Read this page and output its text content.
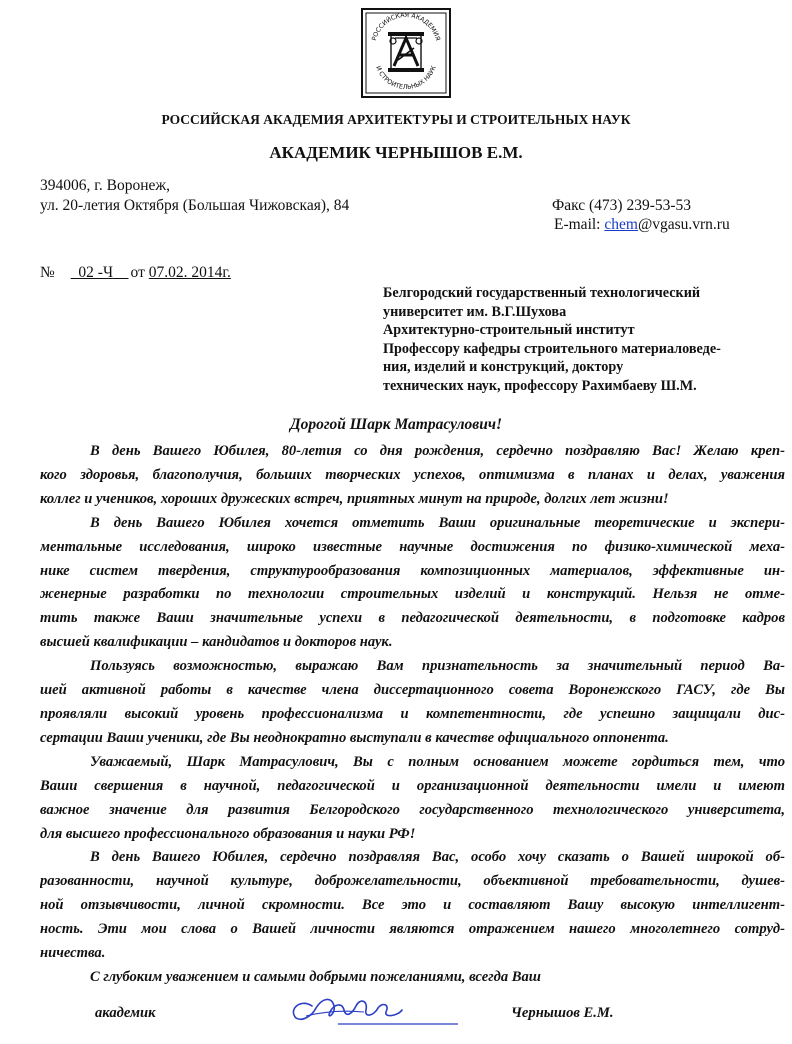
РОССИЙСКАЯ АКАДЕМИЯ
И СТРОИТЕЛЬНЫХ НАУК
РОССИЙСКАЯ АКАДЕМИЯ АРХИТЕКТУРЫ И СТРОИТЕЛЬНЫХ НАУК
АКАДЕМИК ЧЕРНЫШОВ Е.М.
394006, г. Воронеж,
ул. 20-летия Октября (Большая Чижовская), 84	Факс (473) 239-53-53
E-mail: chem@vgasu.vrn.ru
№ 02 -Ч от 07.02. 2014г.
Белгородский государственный технологический
университет им. В.Г.Шухова
Архитектурно-строительный институт
Профессору кафедры строительного материаловеде-
ния, изделий и конструкций, доктору
технических наук, профессору Рахимбаеву Ш.М.
Дорогой Шарк Матрасулович!
В день Вашего Юбилея, 80-летия со дня рождения, сердечно поздравляю Вас! Желаю креп-
кого здоровья, благополучия, больших творческих успехов, оптимизма в планах и делах, уважения
коллег и учеников, хороших дружеских встреч, приятных минут на природе, долгих лет жизни!
В день Вашего Юбилея хочется отметить Ваши оригинальные теоретические и экспери-
ментальные исследования, широко известные научные достижения по физико-химической меха-
нике систем твердения, структурообразования композиционных материалов, эффективные ин-
женерные разработки по технологии строительных изделий и конструкций. Нельзя не отме-
тить также Ваши значительные успехи в педагогической деятельности, в подготовке кадров
высшей квалификации – кандидатов и докторов наук.
Пользуясь возможностью, выражаю Вам признательность за значительный период Ва-
шей активной работы в качестве члена диссертационного совета Воронежского ГАСУ, где Вы
проявляли высокий уровень профессионализма и компетентности, где успешно защищали дис-
сертации Ваши ученики, где Вы неоднократно выступали в качестве официального оппонента.
Уважаемый, Шарк Матрасулович, Вы с полным основанием можете гордиться тем, что
Ваши свершения в научной, педагогической и организационной деятельности имели и имеют
важное значение для развития Белгородского государственного технологического университета,
для высшего профессионального образования и науки РФ!
В день Вашего Юбилея, сердечно поздравляя Вас, особо хочу сказать о Вашей широкой об-
разованности, научной культуре, доброжелательности, объективной требовательности, душев-
ной отзывчивости, личной скромности. Все это и составляют Вашу высокую интеллигент-
ность. Эти мои слова о Вашей личности являются отражением нашего многолетнего сотруд-
ничества.
С глубоким уважением и самыми добрыми пожеланиями, всегда Ваш
академик	Чернышов Е.М.
